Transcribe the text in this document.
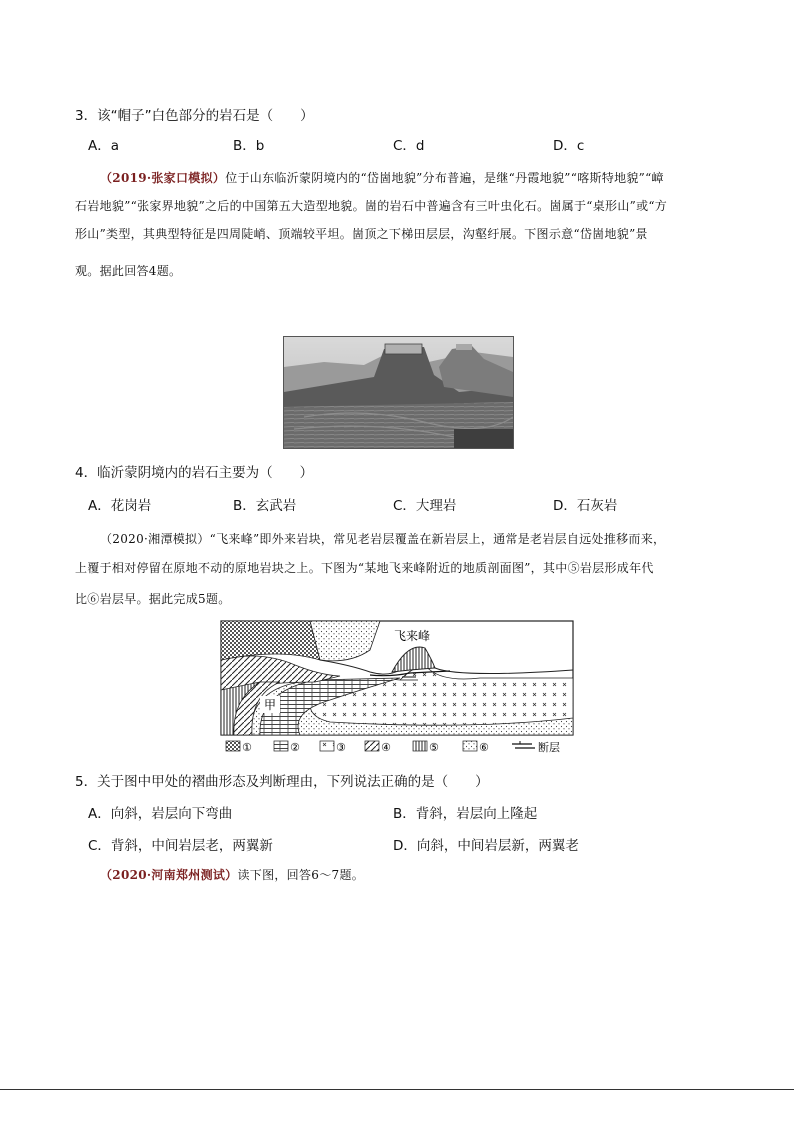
3．该“帽子”白色部分的岩石是（　　）
A．a	B．b	C．d	D．c
（2019·张家口模拟）位于山东临沂蒙阴境内的“岱崮地貌”分布普遍，是继“丹霞地貌”“喀斯特地貌”“嶂
石岩地貌”“张家界地貌”之后的中国第五大造型地貌。崮的岩石中普遍含有三叶虫化石。崮属于“桌形山”或“方
形山”类型，其典型特征是四周陡峭、顶端较平坦。崮顶之下梯田层层，沟壑纡展。下图示意“岱崮地貌”景
观。据此回答4题。
4．临沂蒙阴境内的岩石主要为（　　）
A．花岗岩	B．玄武岩	C．大理岩	D．石灰岩
（2020·湘潭模拟）“飞来峰”即外来岩块，常见老岩层覆盖在新岩层上，通常是老岩层自远处推移而来，
上覆于相对停留在原地不动的原地岩块之上。下图为“某地飞来峰附近的地质剖面图”，其中⑤岩层形成年代
比⑥岩层早。据此完成5题。
甲
飞来峰
①	②	③	④	⑤	⑥	断层
5．关于图中甲处的褶曲形态及判断理由，下列说法正确的是（　　）
A．向斜，岩层向下弯曲	B．背斜，岩层向上隆起
C．背斜，中间岩层老，两翼新	D．向斜，中间岩层新，两翼老
（2020·河南郑州测试）读下图，回答6～7题。
